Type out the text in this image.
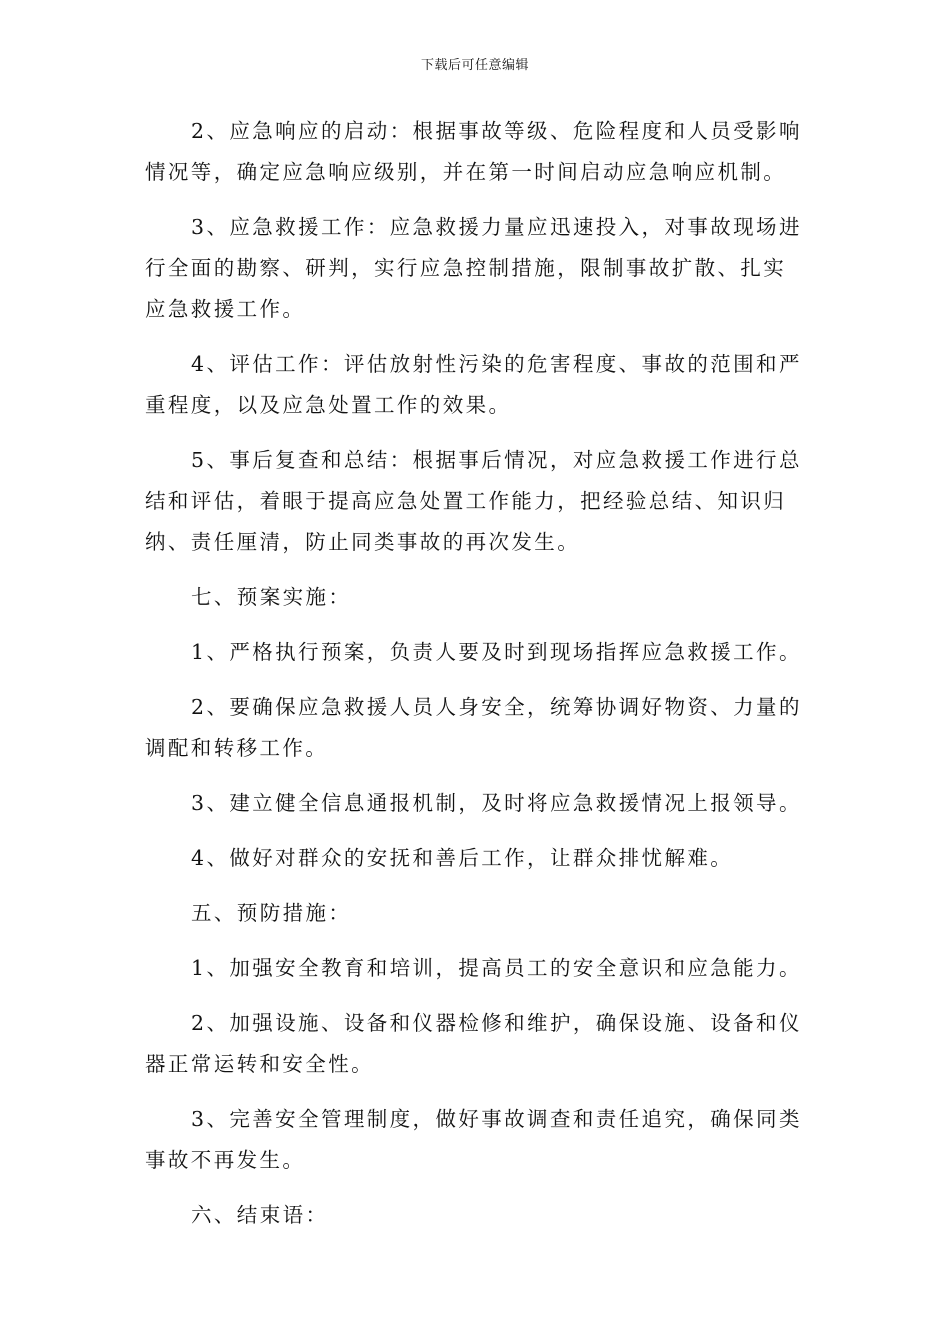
下载后可任意编辑

2、应急响应的启动：根据事故等级、危险程度和人员受影响情况等，确定应急响应级别，并在第一时间启动应急响应机制。

3、应急救援工作：应急救援力量应迅速投入，对事故现场进行全面的勘察、研判，实行应急控制措施，限制事故扩散、扎实应急救援工作。

4、评估工作：评估放射性污染的危害程度、事故的范围和严重程度，以及应急处置工作的效果。

5、事后复查和总结：根据事后情况，对应急救援工作进行总结和评估，着眼于提高应急处置工作能力，把经验总结、知识归纳、责任厘清，防止同类事故的再次发生。

七、预案实施：

1、严格执行预案，负责人要及时到现场指挥应急救援工作。

2、要确保应急救援人员人身安全，统筹协调好物资、力量的调配和转移工作。

3、建立健全信息通报机制，及时将应急救援情况上报领导。

4、做好对群众的安抚和善后工作，让群众排忧解难。

五、预防措施：

1、加强安全教育和培训，提高员工的安全意识和应急能力。

2、加强设施、设备和仪器检修和维护，确保设施、设备和仪器正常运转和安全性。

3、完善安全管理制度，做好事故调查和责任追究，确保同类事故不再发生。

六、结束语：
